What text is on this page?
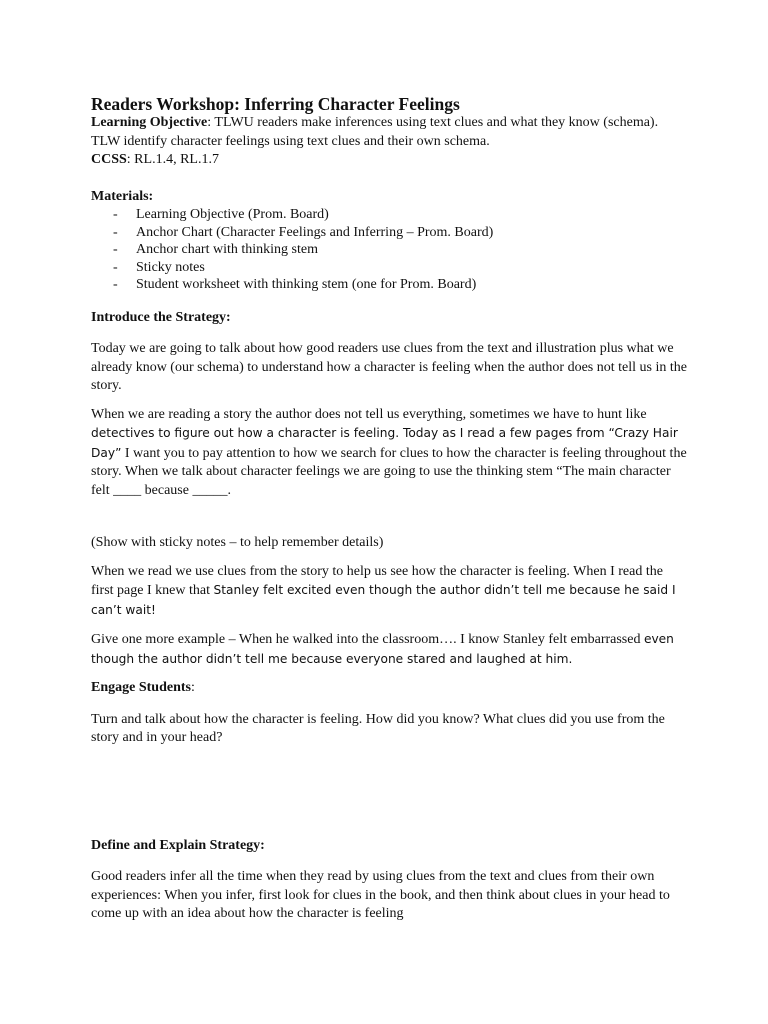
Readers Workshop: Inferring Character Feelings
Learning Objective: TLWU readers make inferences using text clues and what they know (schema). TLW identify character feelings using text clues and their own schema.
CCSS: RL.1.4, RL.1.7
Materials:
- Learning Objective (Prom. Board)
- Anchor Chart (Character Feelings and Inferring – Prom. Board)
- Anchor chart with thinking stem
- Sticky notes
- Student worksheet with thinking stem (one for Prom. Board)
Introduce the Strategy:

Today we are going to talk about how good readers use clues from the text and illustration plus what we already know (our schema) to understand how a character is feeling when the author does not tell us in the story.

When we are reading a story the author does not tell us everything, sometimes we have to hunt like detectives to figure out how a character is feeling. Today as I read a few pages from “Crazy Hair Day” I want you to pay attention to how we search for clues to how the character is feeling throughout the story. When we talk about character feelings we are going to use the thinking stem “The main character felt ____ because _____.

(Show with sticky notes – to help remember details)

When we read we use clues from the story to help us see how the character is feeling. When I read the first page I knew that Stanley felt excited even though the author didn’t tell me because he said I can’t wait!

Give one more example – When he walked into the classroom…. I know Stanley felt embarrassed even though the author didn’t tell me because everyone stared and laughed at him.

Engage Students:

Turn and talk about how the character is feeling. How did you know? What clues did you use from the story and in your head?

Define and Explain Strategy:

Good readers infer all the time when they read by using clues from the text and clues from their own experiences: When you infer, first look for clues in the book, and then think about clues in your head to come up with an idea about how the character is feeling
